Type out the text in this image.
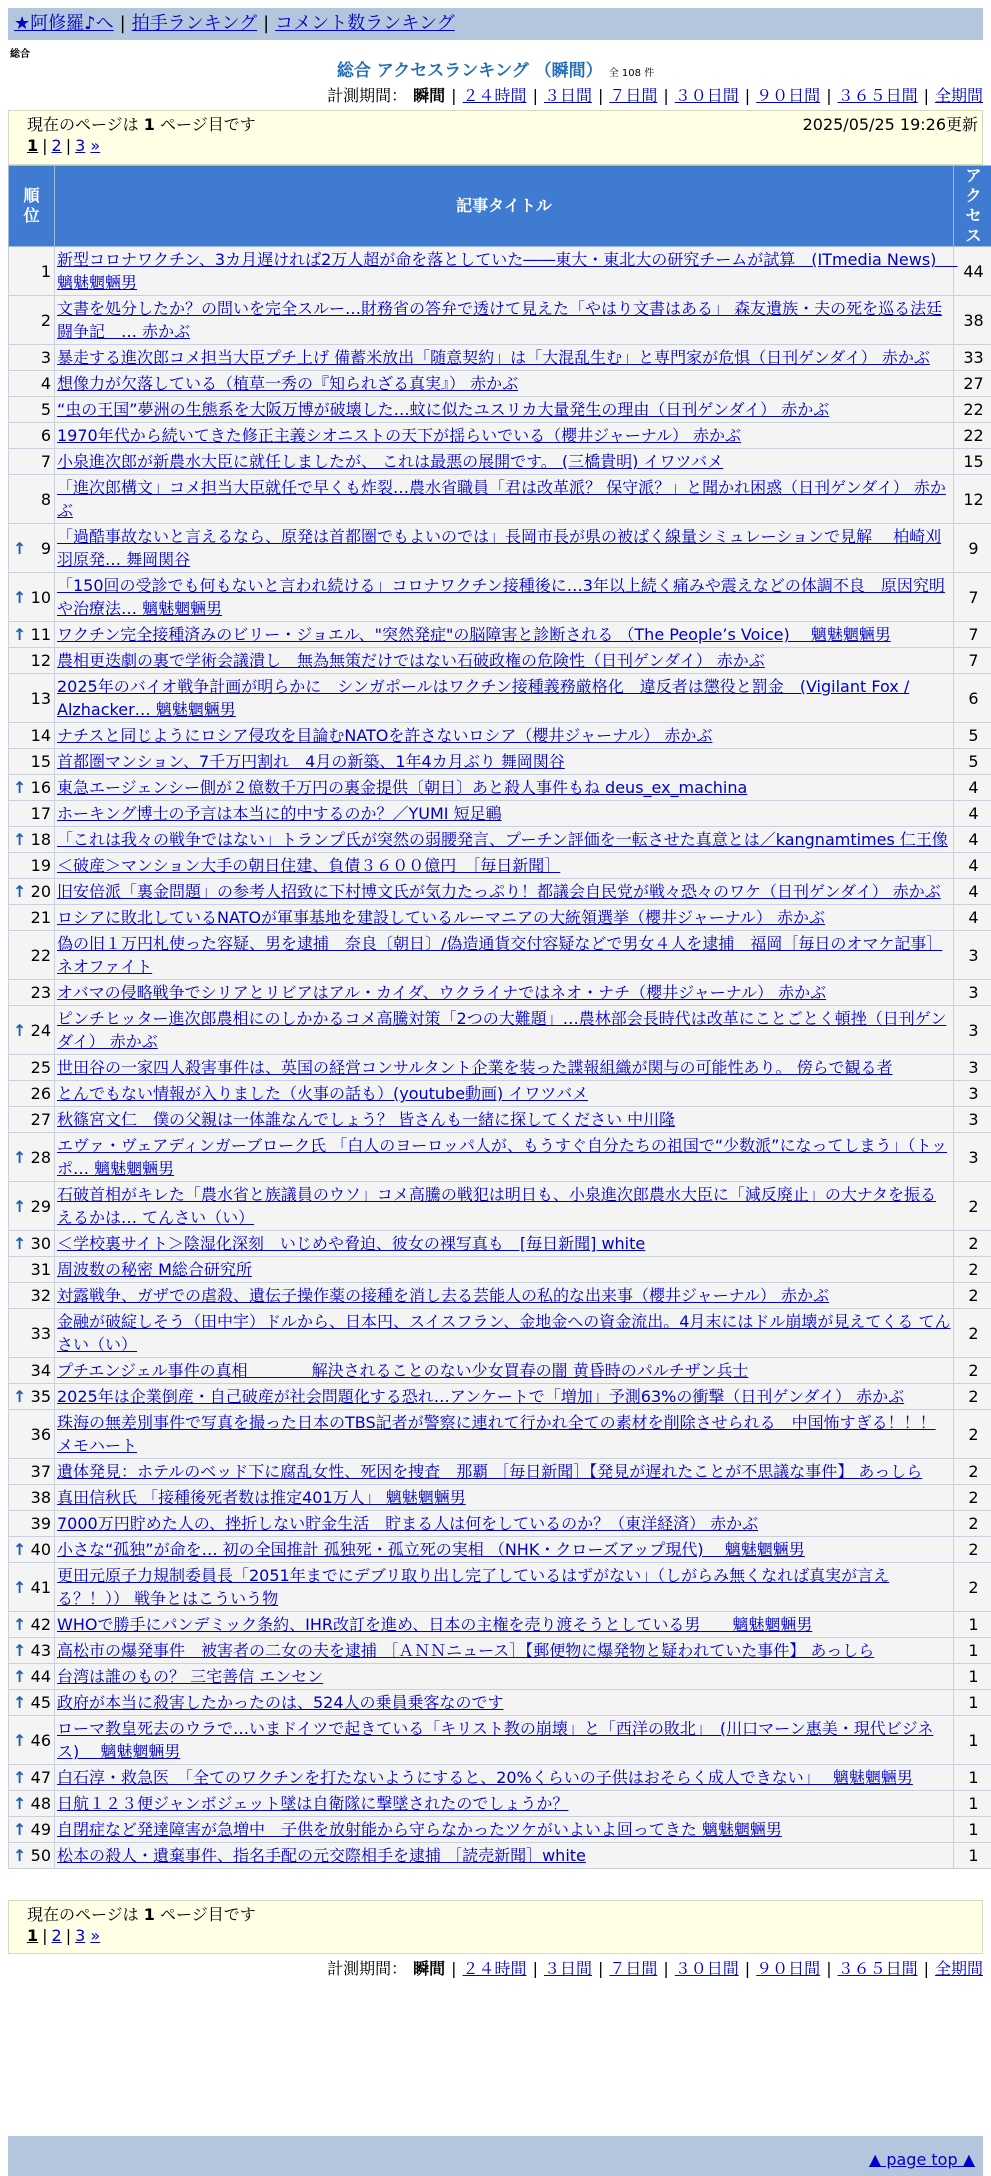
★阿修羅♪へ | 拍手ランキング | コメント数ランキング
総合
総合 アクセスランキング （瞬間） 全 108 件
計測期間： 瞬間 | ２４時間 | ３日間 | ７日間 | ３０日間 | ９０日間 | ３６５日間 | 全期間
現在のページは 1 ページ目です	2025/05/25 19:26更新
1 | 2 | 3 »
順位	記事タイトル	アクセス
1	新型コロナワクチン、3カ月遅ければ2万人超が命を落としていた――東大・東北大の研究チームが試算　(ITmedia News)　 魑魅魍魎男	44
2	文書を処分したか？の問いを完全スルー…財務省の答弁で透けて見えた「やはり文書はある」 森友遺族・夫の死を巡る法廷闘争記　… 赤かぶ	38
3	暴走する進次郎コメ担当大臣プチ上げ 備蓄米放出「随意契約」は「大混乱生む」と専門家が危惧（日刊ゲンダイ） 赤かぶ	33
4	想像力が欠落している（植草一秀の『知られざる真実』） 赤かぶ	27
5	“虫の王国”夢洲の生態系を大阪万博が破壊した…蚊に似たユスリカ大量発生の理由（日刊ゲンダイ） 赤かぶ	22
6	1970年代から続いてきた修正主義シオニストの天下が揺らいでいる（櫻井ジャーナル） 赤かぶ	22
7	小泉進次郎が新農水大臣に就任しましたが、 これは最悪の展開です。 (三橋貴明) イワツバメ	15
8	「進次郎構文」コメ担当大臣就任で早くも炸裂…農水省職員「君は改革派？ 保守派？」と聞かれ困惑（日刊ゲンダイ） 赤かぶ	12

↑ 9	「過酷事故ないと言えるなら、原発は首都圏でもよいのでは」長岡市長が県の被ばく線量シミュレーションで見解　 柏崎刈羽原発… 舞岡関谷	9

↑ 10	「150回の受診でも何もないと言われ続ける」コロナワクチン接種後に…3年以上続く痛みや震えなどの体調不良　原因究明や治療法… 魑魅魍魎男	7

↑ 11	ワクチン完全接種済みのビリー・ジョエル、"突然発症"の脳障害と診断される （The People’s Voice)　 魑魅魍魎男	7
12	農相更迭劇の裏で学術会議潰し　無為無策だけではない石破政権の危険性（日刊ゲンダイ） 赤かぶ	7
13	2025年のバイオ戦争計画が明らかに　シンガポールはワクチン接種義務厳格化　違反者は懲役と罰金　(Vigilant Fox / Alzhacker… 魑魅魍魎男	6
14	ナチスと同じようにロシア侵攻を目論むNATOを許さないロシア（櫻井ジャーナル） 赤かぶ	5
15	首都圏マンション、7千万円割れ　4月の新築、1年4カ月ぶり 舞岡関谷	5

↑ 16	東急エージェンシー側が２億数千万円の裏金提供〔朝日〕あと殺人事件もね deus_ex_machina	4
17	ホーキング博士の予言は本当に的中するのか？／YUMI 短足鶤	4

↑ 18	「これは我々の戦争ではない」トランプ氏が突然の弱腰発言、プーチン評価を一転させた真意とは／kangnamtimes 仁王像	4
19	＜破産＞マンション大手の朝日住建、負債３６００億円　［毎日新聞］	4

↑ 20	旧安倍派「裏金問題」の参考人招致に下村博文氏が気力たっぷり！都議会自民党が戦々恐々のワケ（日刊ゲンダイ） 赤かぶ	4
21	ロシアに敗北しているNATOが軍事基地を建設しているルーマニアの大統領選挙（櫻井ジャーナル） 赤かぶ	4
22	偽の旧１万円札使った容疑、男を逮捕　奈良〔朝日〕/偽造通貨交付容疑などで男女４人を逮捕　福岡［毎日のオマケ記事］ ネオファイト	3
23	オバマの侵略戦争でシリアとリビアはアル・カイダ、ウクライナではネオ・ナチ（櫻井ジャーナル） 赤かぶ	3

↑ 24	ピンチヒッター進次郎農相にのしかかるコメ高騰対策「2つの大難題」…農林部会長時代は改革にことごとく頓挫（日刊ゲンダイ） 赤かぶ	3
25	世田谷の一家四人殺害事件は、英国の経営コンサルタント企業を装った諜報組織が関与の可能性あり。 傍らで観る者	3
26	とんでもない情報が入りました（火事の話も）(youtube動画) イワツバメ	3
27	秋篠宮文仁　僕の父親は一体誰なんでしょう？ 皆さんも一緒に探してください 中川隆	3

↑ 28	エヴァ・ヴェアディンガーブローク氏 「白人のヨーロッパ人が、もうすぐ自分たちの祖国で“少数派”になってしまう」（トッポ… 魑魅魍魎男	3

↑ 29	石破首相がキレた「農水省と族議員のウソ」コメ高騰の戦犯は明日も、小泉進次郎農水大臣に「減反廃止」の大ナタを振るえるかは… てんさい（い）	2

↑ 30	＜学校裏サイト＞陰湿化深刻　いじめや脅迫、彼女の裸写真も　[毎日新聞] white	2
31	周波数の秘密 M総合研究所	2
32	対露戦争、ガザでの虐殺、遺伝子操作薬の接種を消し去る芸能人の私的な出来事（櫻井ジャーナル） 赤かぶ	2
33	金融が破綻しそう（田中宇）ドルから、日本円、スイスフラン、金地金への資金流出。4月末にはドル崩壊が見えてくる てんさい（い）	2
34	プチエンジェル事件の真相　　　　解決されることのない少女買春の闇 黄昏時のパルチザン兵士	2

↑ 35	2025年は企業倒産・自己破産が社会問題化する恐れ…アンケートで「増加」予測63%の衝撃（日刊ゲンダイ） 赤かぶ	2
36	珠海の無差別事件で写真を撮った日本のTBS記者が警察に連れて行かれ全ての素材を削除させられる　中国怖すぎる！！！ メモハート	2
37	遺体発見：ホテルのベッド下に腐乱女性、死因を捜査　那覇 ［毎日新聞］【発見が遅れたことが不思議な事件】 あっしら	2
38	真田信秋氏 「接種後死者数は推定401万人」 魑魅魍魎男	2
39	7000万円貯めた人の、挫折しない貯金生活　貯まる人は何をしているのか？（東洋経済） 赤かぶ	2

↑ 40	小さな“孤独”が命を… 初の全国推計 孤独死・孤立死の実相 （NHK・クローズアップ現代)　 魑魅魍魎男	2

↑ 41	更田元原子力規制委員長「2051年までにデブリ取り出し完了しているはずがない」（しがらみ無くなれば真実が言える？！）） 戦争とはこういう物	2

↑ 42	WHOで勝手にパンデミック条約、IHR改訂を進め、日本の主権を売り渡そうとしている男　　魑魅魍魎男	1

↑ 43	高松市の爆発事件　被害者の二女の夫を逮捕 ［ＡＮＮニュース］【郵便物に爆発物と疑われていた事件】 あっしら	1

↑ 44	台湾は誰のもの？ 三宅善信 エンセン	1

↑ 45	政府が本当に殺害したかったのは、524人の乗員乗客なのです	1

↑ 46	ローマ教皇死去のウラで…いまドイツで起きている「キリスト教の崩壊」と「西洋の敗北」　(川口マーン惠美・現代ビジネス)　 魑魅魍魎男	1

↑ 47	白石淳・救急医　「全てのワクチンを打たないようにすると、20%くらいの子供はおそらく成人できない」　 魑魅魍魎男	1

↑ 48	日航１２３便ジャンボジェット墜は自衛隊に撃墜されたのでしょうか？	1

↑ 49	自閉症など発達障害が急増中　子供を放射能から守らなかったツケがいよいよ回ってきた 魑魅魍魎男	1

↑ 50	松本の殺人・遺棄事件、指名手配の元交際相手を逮捕 ［読売新聞］white	1
計測期間： 瞬間 | ２４時間 | ３日間 | ７日間 | ３０日間 | ９０日間 | ３６５日間 | 全期間
現在のページは 1 ページ目です
1 | 2 | 3 »
▲ page top ▲
